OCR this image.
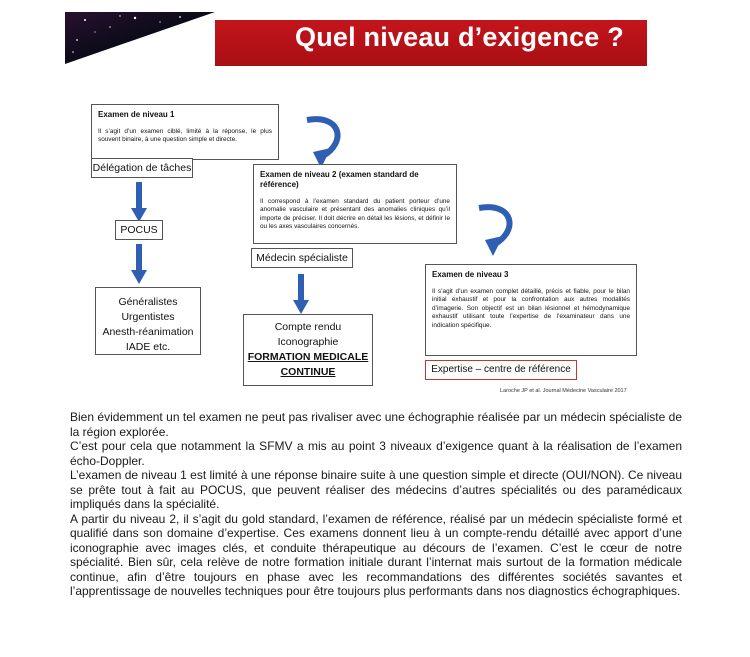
Quel niveau d’exigence ?
Examen de niveau 1
Il s’agit d’un examen ciblé, limité à la réponse, le plus souvent binaire, à une question simple et directe.
Délégation de tâches
POCUS
Généralistes
Urgentistes
Anesth-réanimation
IADE etc.
Examen de niveau 2 (examen standard de référence)
Il correspond à l’examen standard du patient porteur d’une anomalie vasculaire et présentant des anomalies cliniques qu’il importe de préciser. Il doit décrire en détail les lésions, et définir le ou les axes vasculaires concernés.
Médecin spécialiste
Compte rendu
Iconographie
FORMATION MEDICALE
CONTINUE
Examen de niveau 3
Il s’agit d’un examen complet détaillé, précis et fiable, pour le bilan initial exhaustif et pour la confrontation aux autres modalités d’imagerie. Son objectif est un bilan lésionnel et hémodynamique exhaustif utilisant toute l’expertise de l’examinateur dans une indication spécifique.
Expertise – centre de référence
Laroche JP et al. Journal Médecine Vasculaire 2017

Bien évidemment un tel examen ne peut pas rivaliser avec une échographie réalisée par un médecin spécialiste de la région explorée.

C’est pour cela que notamment la SFMV a mis au point 3 niveaux d’exigence quant à la réalisation de l’examen écho-Doppler.

L’examen de niveau 1 est limité à une réponse binaire suite à une question simple et directe (OUI/NON). Ce niveau se prête tout à fait au POCUS, que peuvent réaliser des médecins d’autres spécialités ou des paramédicaux impliqués dans la spécialité.

A partir du niveau 2, il s’agit du gold standard, l’examen de référence, réalisé par un médecin spécialiste formé et qualifié dans son domaine d’expertise. Ces examens donnent lieu à un compte-rendu détaillé avec apport d’une iconographie avec images clés, et conduite thérapeutique au décours de l’examen. C’est le cœur de notre spécialité. Bien sûr, cela relève de notre formation initiale durant l’internat mais surtout de la formation médicale continue, afin d’être toujours en phase avec les recommandations des différentes sociétés savantes et l’apprentissage de nouvelles techniques pour être toujours plus performants dans nos diagnostics échographiques.
